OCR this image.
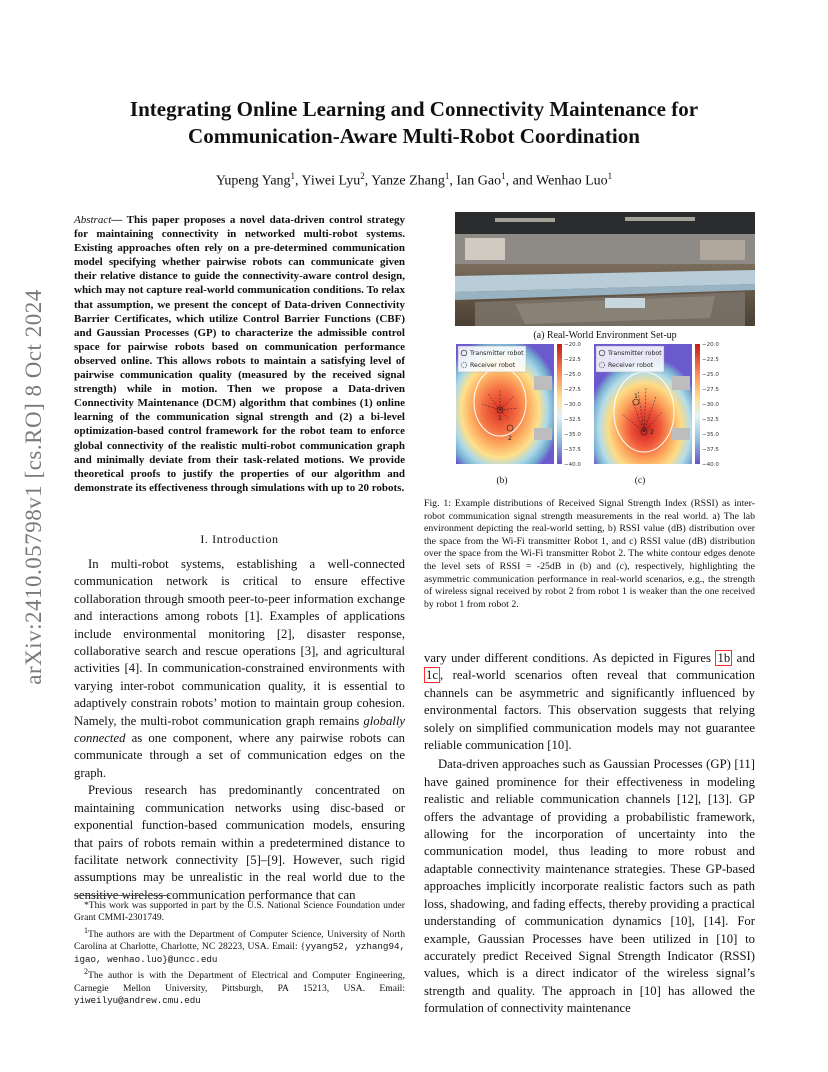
arXiv:2410.05798v1 [cs.RO] 8 Oct 2024
Integrating Online Learning and Connectivity Maintenance for
Communication-Aware Multi-Robot Coordination
Yupeng Yang$^1$, Yiwei Lyu$^2$, Yanze Zhang$^1$, Ian Gao$^1$, and Wenhao Luo$^1$
Abstract— This paper proposes a novel data-driven control strategy for maintaining connectivity in networked multi-robot systems. Existing approaches often rely on a pre-determined communication model specifying whether pairwise robots can communicate given their relative distance to guide the connectivity-aware control design, which may not capture real-world communication conditions. To relax that assumption, we present the concept of Data-driven Connectivity Barrier Certificates, which utilize Control Barrier Functions (CBF) and Gaussian Processes (GP) to characterize the admissible control space for pairwise robots based on communication performance observed online. This allows robots to maintain a satisfying level of pairwise communication quality (measured by the received signal strength) while in motion. Then we propose a Data-driven Connectivity Maintenance (DCM) algorithm that combines (1) online learning of the communication signal strength and (2) a bi-level optimization-based control framework for the robot team to enforce global connectivity of the realistic multi-robot communication graph and minimally deviate from their task-related motions. We provide theoretical proofs to justify the properties of our algorithm and demonstrate its effectiveness through simulations with up to 20 robots.
I. Introduction

In multi-robot systems, establishing a well-connected communication network is critical to ensure effective collaboration through smooth peer-to-peer information exchange and interactions among robots [1]. Examples of applications include environmental monitoring [2], disaster response, collaborative search and rescue operations [3], and agricultural activities [4]. In communication-constrained environments with varying inter-robot communication quality, it is essential to adaptively constrain robots’ motion to maintain group cohesion. Namely, the multi-robot communication graph remains globally connected as one component, where any pairwise robots can communicate through a set of communication edges on the graph.

Previous research has predominantly concentrated on maintaining communication networks using disc-based or exponential function-based communication models, ensuring that pairs of robots remain within a predetermined distance to facilitate network connectivity [5]–[9]. However, such rigid assumptions may be unrealistic in the real world due to the sensitive wireless communication performance that can

*This work was supported in part by the U.S. National Science Foundation under Grant CMMI-2301749.

$^1$The authors are with the Department of Computer Science, University of North Carolina at Charlotte, Charlotte, NC 28223, USA. Email: {yyang52, yzhang94, igao, wenhao.luo}@uncc.edu

$^2$The author is with the Department of Electrical and Computer Engineering, Carnegie Mellon University, Pittsburgh, PA 15213, USA. Email: yiweilyu@andrew.cmu.edu

(a) Real-World Environment Set-up
1
2
Transmitter robot
Receiver robot
−20.0
−22.5
−25.0
−27.5
−30.0
−32.5
−35.0
−37.5
−40.0
(b)
1
2
Transmitter robot
Receiver robot
−20.0
−22.5
−25.0
−27.5
−30.0
−32.5
−35.0
−37.5
−40.0
(c)
Fig. 1: Example distributions of Received Signal Strength Index (RSSI) as inter-robot communication signal strength measurements in the real world. a) The lab environment depicting the real-world setting, b) RSSI value (dB) distribution over the space from the Wi-Fi transmitter Robot 1, and c) RSSI value (dB) distribution over the space from the Wi-Fi transmitter Robot 2. The white contour edges denote the level sets of RSSI = -25dB in (b) and (c), respectively, highlighting the asymmetric communication performance in real-world scenarios, e.g., the strength of wireless signal received by robot 2 from robot 1 is weaker than the one received by robot 1 from robot 2.

vary under different conditions. As depicted in Figures 1b and 1c , real-world scenarios often reveal that communication channels can be asymmetric and significantly influenced by environmental factors. This observation suggests that relying solely on simplified communication models may not guarantee reliable communication [10].

Data-driven approaches such as Gaussian Processes (GP) [11] have gained prominence for their effectiveness in modeling realistic and reliable communication channels [12], [13]. GP offers the advantage of providing a probabilistic framework, allowing for the incorporation of uncertainty into the communication model, thus leading to more robust and adaptable connectivity maintenance strategies. These GP-based approaches implicitly incorporate realistic factors such as path loss, shadowing, and fading effects, thereby providing a practical understanding of communication dynamics [10], [14]. For example, Gaussian Processes have been utilized in [10] to accurately predict Received Signal Strength Indicator (RSSI) values, which is a direct indicator of the wireless signal’s strength and quality. The approach in [10] has allowed the formulation of connectivity maintenance
